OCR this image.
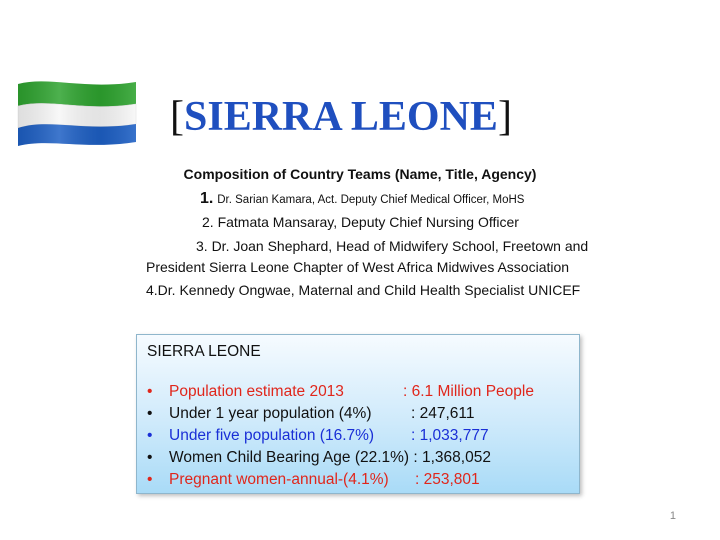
[SIERRA LEONE]

Composition of Country Teams (Name, Title, Agency)

1. Dr. Sarian Kamara, Act. Deputy Chief Medical Officer, MoHS

2. Fatmata Mansaray, Deputy Chief Nursing Officer

3. Dr. Joan Shephard, Head of Midwifery School, Freetown and

President Sierra Leone Chapter of West Africa Midwives Association

4.Dr. Kennedy Ongwae, Maternal and Child Health Specialist UNICEF

SIERRA LEONE

• Population estimate 2013	: 6.1 Million People
• Under 1 year population (4%)	: 247,611
• Under five population (16.7%) : 1,033,777
• Women Child Bearing Age (22.1%) : 1,368,052
• Pregnant women-annual-(4.1%) : 253,801
1
